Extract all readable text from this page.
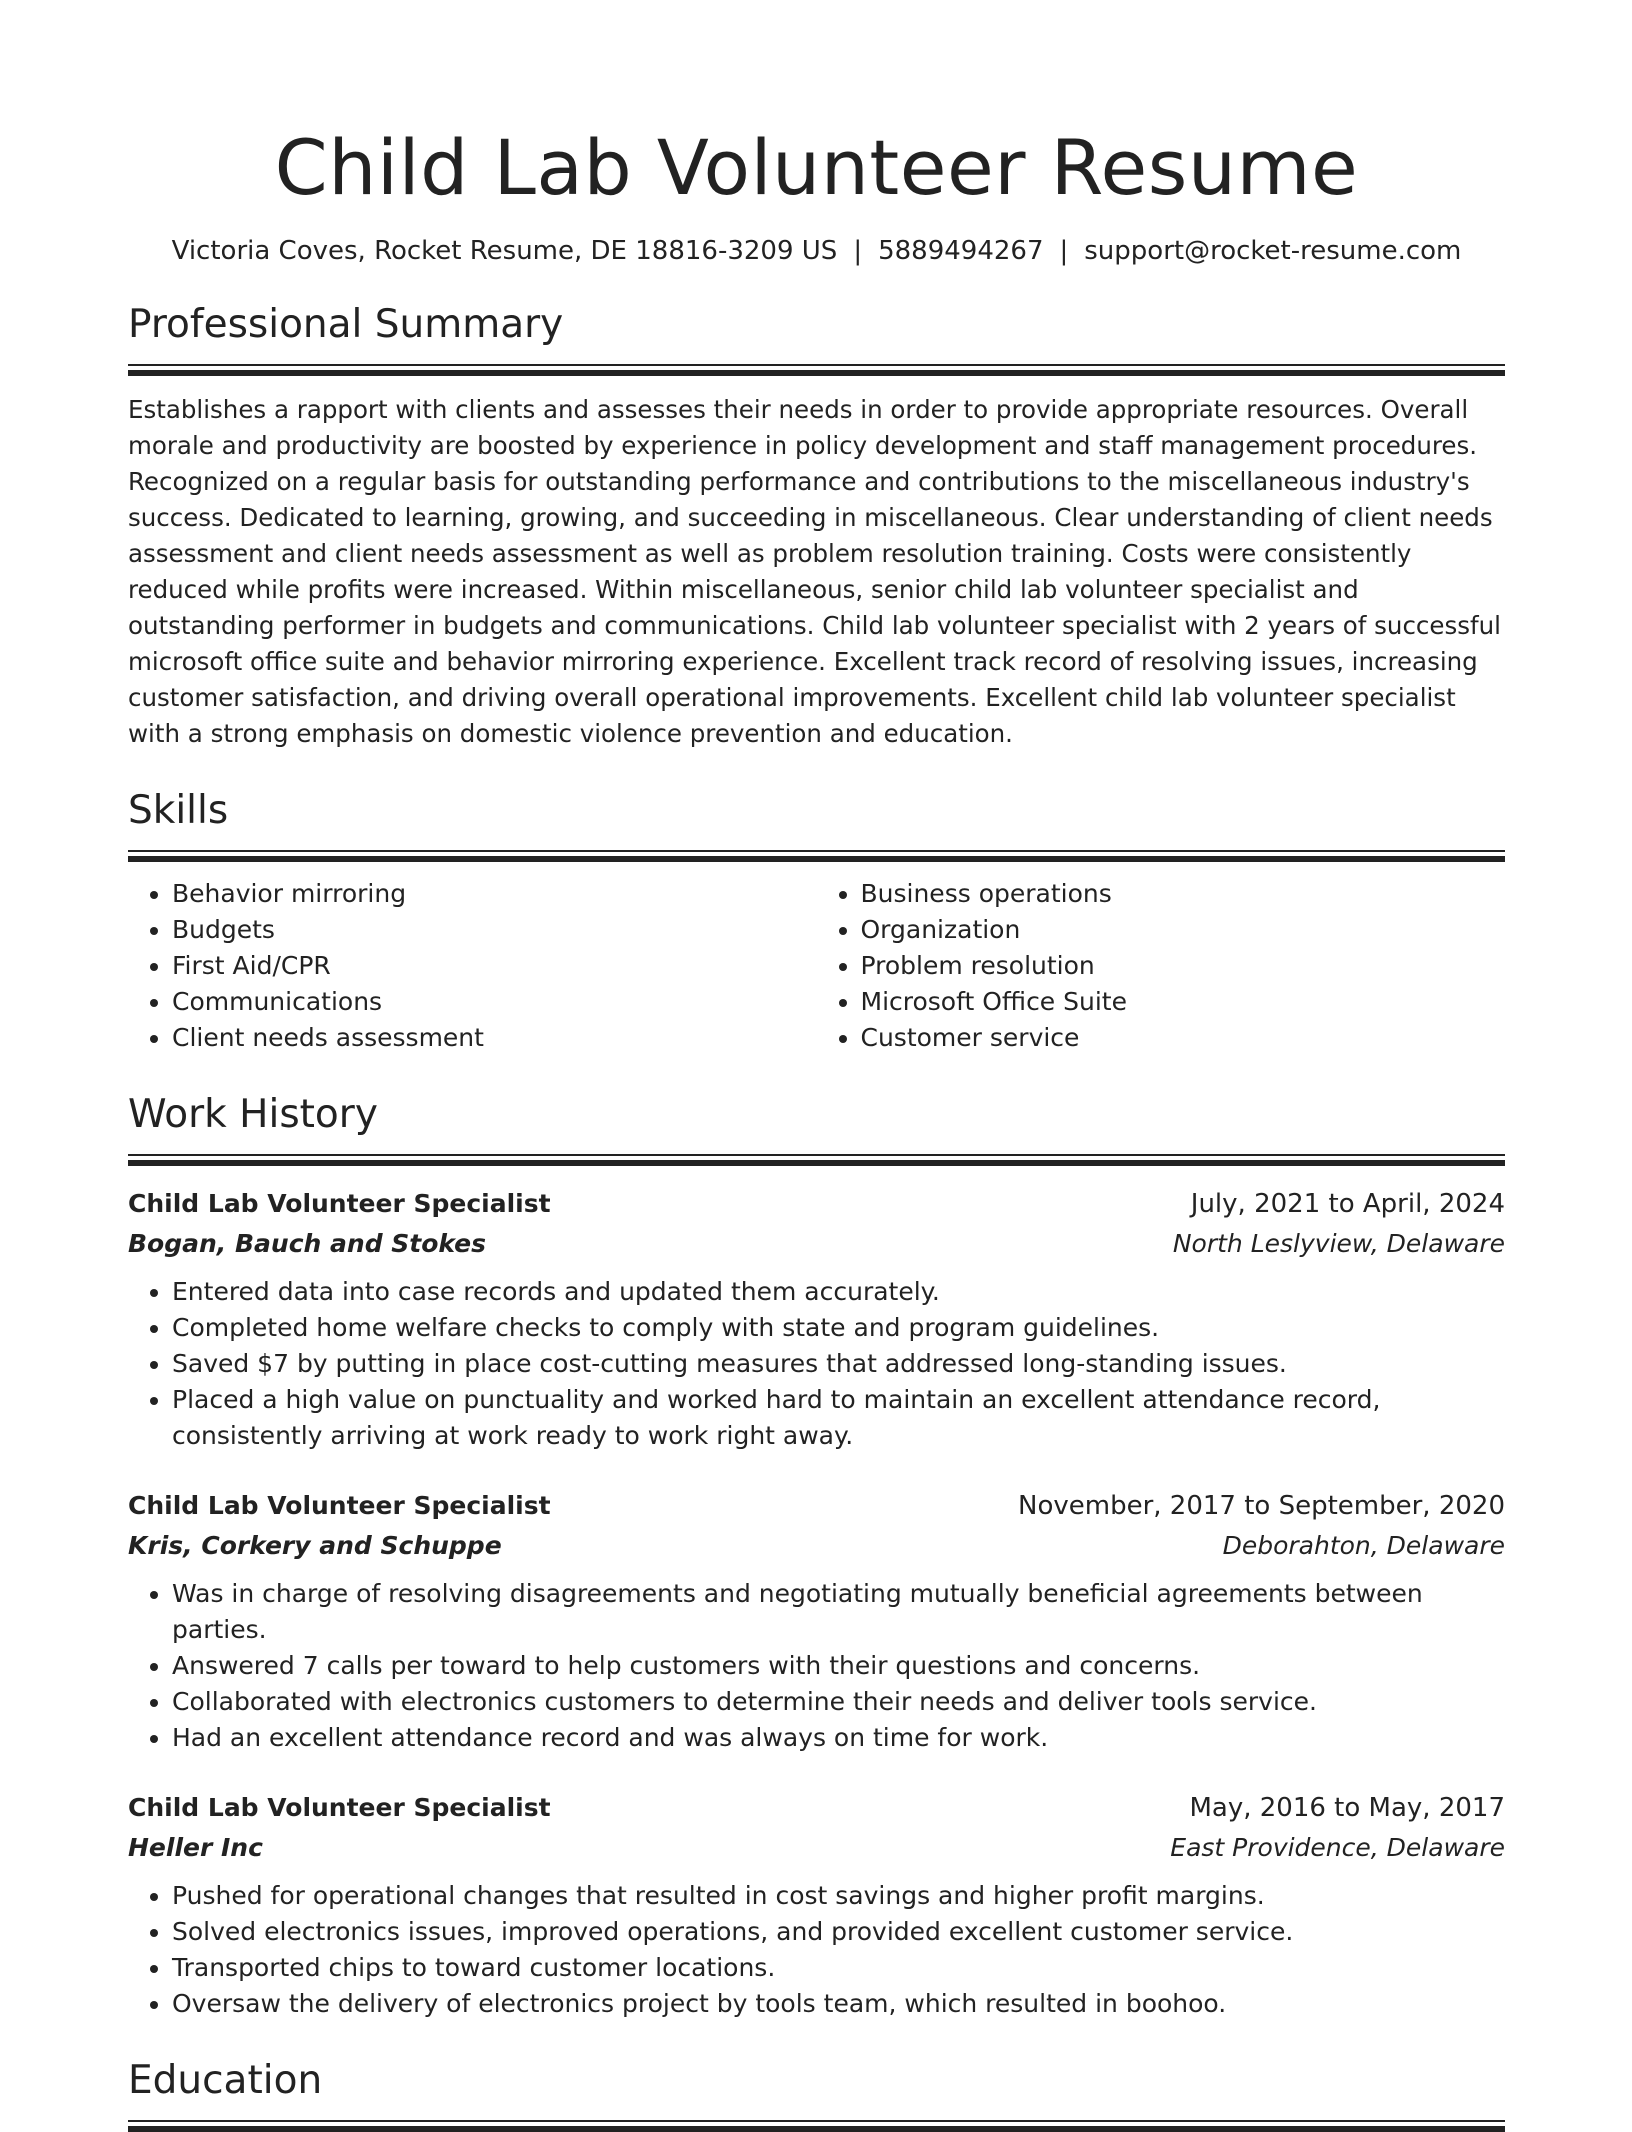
Child Lab Volunteer Resume
Victoria Coves, Rocket Resume, DE 18816-3209 US | 5889494267 | support@rocket-resume.com
Professional Summary
Establishes a rapport with clients and assesses their needs in order to provide appropriate resources. Overall morale and productivity are boosted by experience in policy development and staff management procedures. Recognized on a regular basis for outstanding performance and contributions to the miscellaneous industry's success. Dedicated to learning, growing, and succeeding in miscellaneous. Clear understanding of client needs assessment and client needs assessment as well as problem resolution training. Costs were consistently reduced while profits were increased. Within miscellaneous, senior child lab volunteer specialist and outstanding performer in budgets and communications. Child lab volunteer specialist with 2 years of successful microsoft office suite and behavior mirroring experience. Excellent track record of resolving issues, increasing customer satisfaction, and driving overall operational improvements. Excellent child lab volunteer specialist with a strong emphasis on domestic violence prevention and education.
Skills
• Behavior mirroring
• Budgets
• First Aid/CPR
• Communications
• Client needs assessment
• Business operations
• Organization
• Problem resolution
• Microsoft Office Suite
• Customer service
Work History
Child Lab Volunteer Specialist	July, 2021 to April, 2024
Bogan, Bauch and Stokes	North Leslyview, Delaware
• Entered data into case records and updated them accurately.
• Completed home welfare checks to comply with state and program guidelines.
• Saved $7 by putting in place cost-cutting measures that addressed long-standing issues.
• Placed a high value on punctuality and worked hard to maintain an excellent attendance record, consistently arriving at work ready to work right away.
Child Lab Volunteer Specialist	November, 2017 to September, 2020
Kris, Corkery and Schuppe	Deborahton, Delaware
• Was in charge of resolving disagreements and negotiating mutually beneficial agreements between parties.
• Answered 7 calls per toward to help customers with their questions and concerns.
• Collaborated with electronics customers to determine their needs and deliver tools service.
• Had an excellent attendance record and was always on time for work.
Child Lab Volunteer Specialist	May, 2016 to May, 2017
Heller Inc	East Providence, Delaware
• Pushed for operational changes that resulted in cost savings and higher profit margins.
• Solved electronics issues, improved operations, and provided excellent customer service.
• Transported chips to toward customer locations.
• Oversaw the delivery of electronics project by tools team, which resulted in boohoo.
Education
